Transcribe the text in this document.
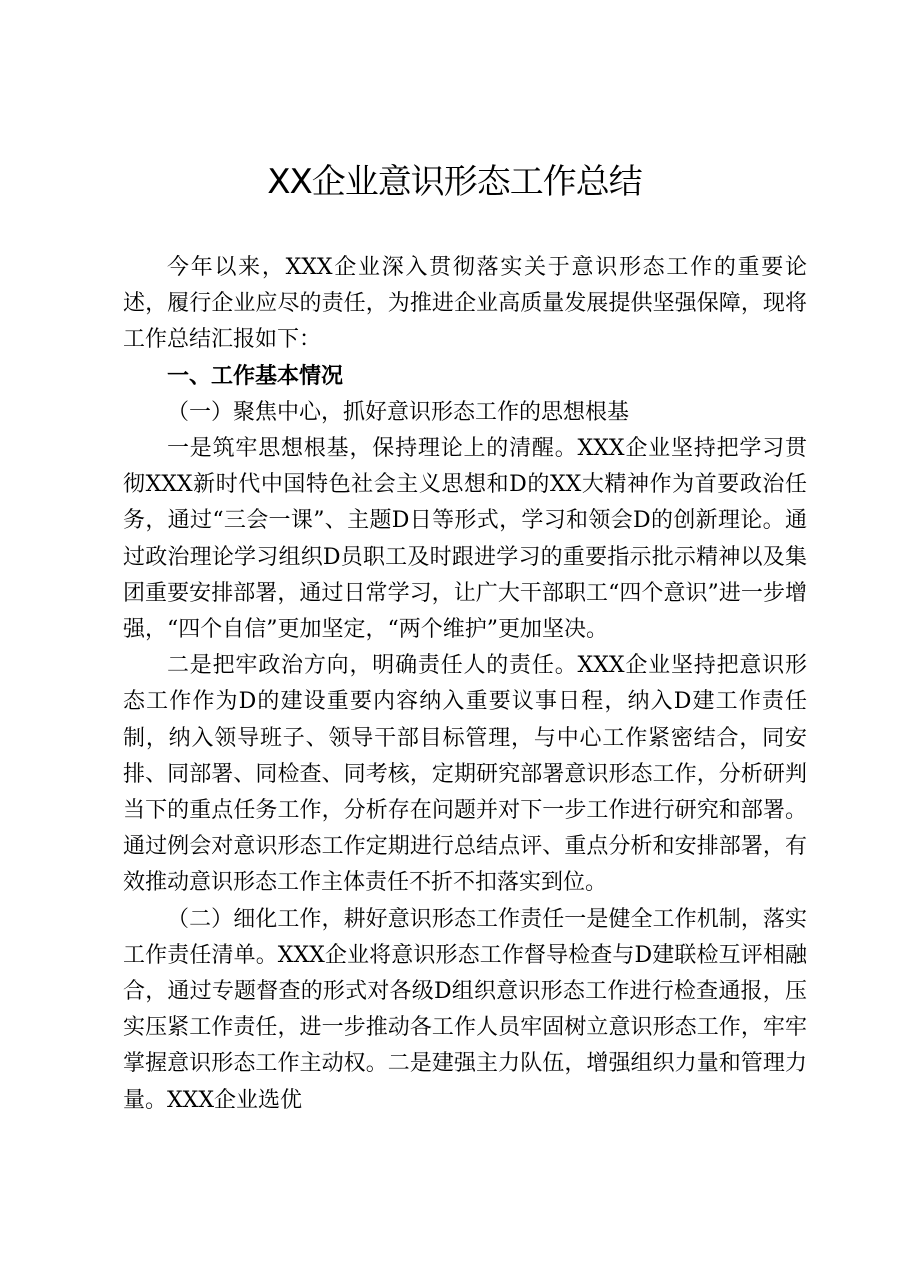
XX企业意识形态工作总结

今年以来，XXX企业深入贯彻落实关于意识形态工作的重要论述，履行企业应尽的责任，为推进企业高质量发展提供坚强保障，现将工作总结汇报如下：

一、工作基本情况

（一）聚焦中心，抓好意识形态工作的思想根基

一是筑牢思想根基，保持理论上的清醒。XXX企业坚持把学习贯彻XXX新时代中国特色社会主义思想和D的XX大精神作为首要政治任务，通过“三会一课”、主题D日等形式，学习和领会D的创新理论。通过政治理论学习组织D员职工及时跟进学习的重要指示批示精神以及集团重要安排部署，通过日常学习，让广大干部职工“四个意识”进一步增强，“四个自信”更加坚定，“两个维护”更加坚决。

二是把牢政治方向，明确责任人的责任。XXX企业坚持把意识形态工作作为D的建设重要内容纳入重要议事日程，纳入D建工作责任制，纳入领导班子、领导干部目标管理，与中心工作紧密结合，同安排、同部署、同检查、同考核，定期研究部署意识形态工作，分析研判当下的重点任务工作，分析存在问题并对下一步工作进行研究和部署。通过例会对意识形态工作定期进行总结点评、重点分析和安排部署，有效推动意识形态工作主体责任不折不扣落实到位。

（二）细化工作，耕好意识形态工作责任一是健全工作机制，落实工作责任清单。XXX企业将意识形态工作督导检查与D建联检互评相融合，通过专题督查的形式对各级D组织意识形态工作进行检查通报，压实压紧工作责任，进一步推动各工作人员牢固树立意识形态工作，牢牢掌握意识形态工作主动权。二是建强主力队伍，增强组织力量和管理力量。XXX企业选优
